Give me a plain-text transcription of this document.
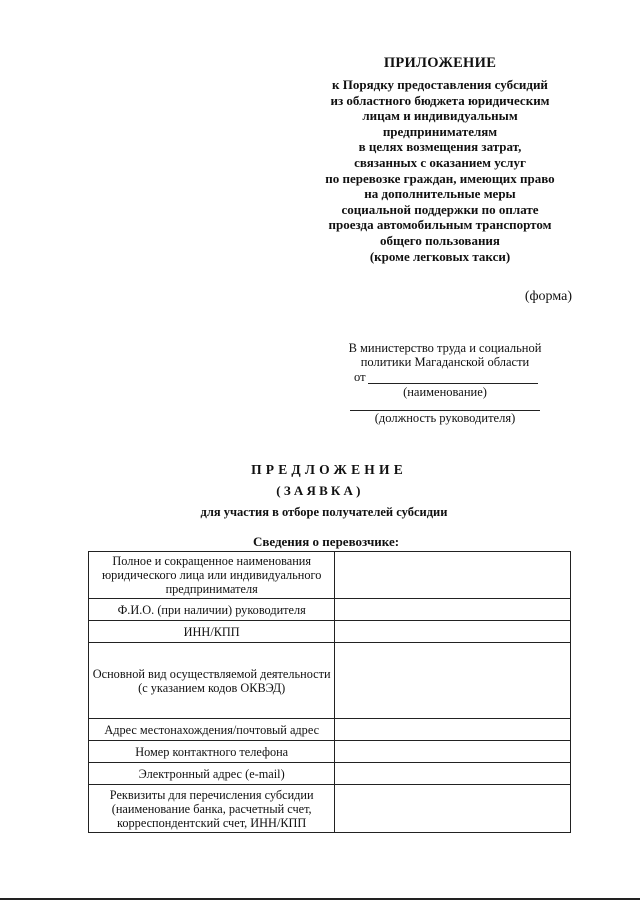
ПРИЛОЖЕНИЕ
к Порядку предоставления субсидий
из областного бюджета юридическим
лицам и индивидуальным
предпринимателям
в целях возмещения затрат,
связанных с оказанием услуг
по перевозке граждан, имеющих право
на дополнительные меры
социальной поддержки по оплате
проезда автомобильным транспортом
общего пользования
(кроме легковых такси)
(форма)
В министерство труда и социальной
политики Магаданской области
от
(наименование)
(должность руководителя)
ПРЕДЛОЖЕНИЕ
(ЗАЯВКА)
для участия в отборе получателей субсидии
Сведения о перевозчике:
Полное и сокращенное наименования юридического лица или индивидуального предпринимателя	
Ф.И.О. (при наличии) руководителя	
ИНН/КПП	
Основной вид осуществляемой деятельности (с указанием кодов ОКВЭД)	
Адрес местонахождения/почтовый адрес	
Номер контактного телефона	
Электронный адрес (e-mail)	
Реквизиты для перечисления субсидии (наименование банка, расчетный счет, корреспондентский счет, ИНН/КПП	
